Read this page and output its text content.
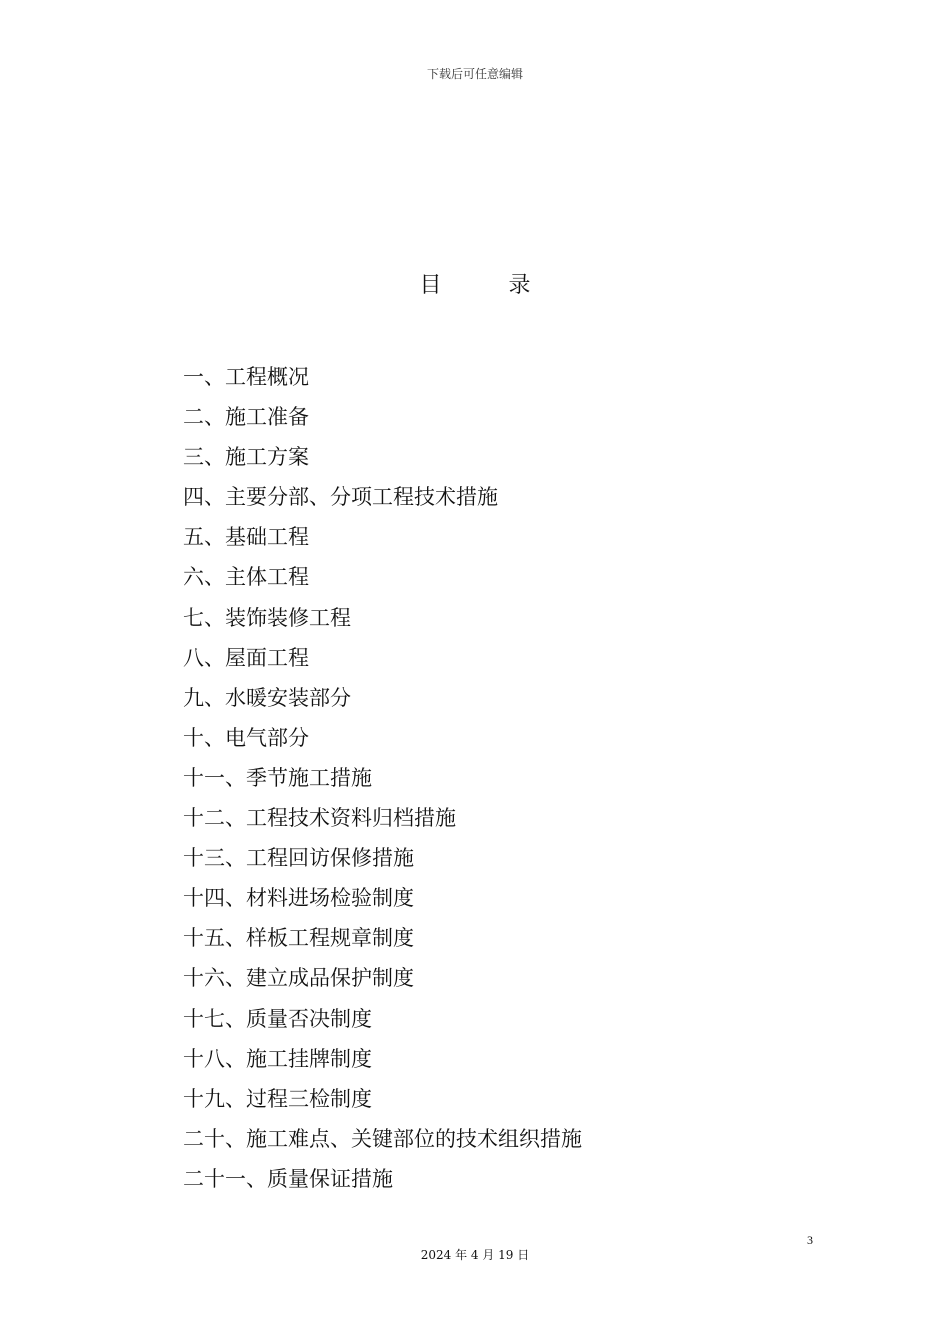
下载后可任意编辑
目	录
一、工程概况
二、施工准备
三、施工方案
四、主要分部、分项工程技术措施
五、基础工程
六、主体工程
七、装饰装修工程
八、屋面工程
九、水暖安装部分
十、电气部分
十一、季节施工措施
十二、工程技术资料归档措施
十三、工程回访保修措施
十四、材料进场检验制度
十五、样板工程规章制度
十六、建立成品保护制度
十七、质量否决制度
十八、施工挂牌制度
十九、过程三检制度
二十、施工难点、关键部位的技术组织措施
二十一、质量保证措施
3
2024 年 4 月 19 日
